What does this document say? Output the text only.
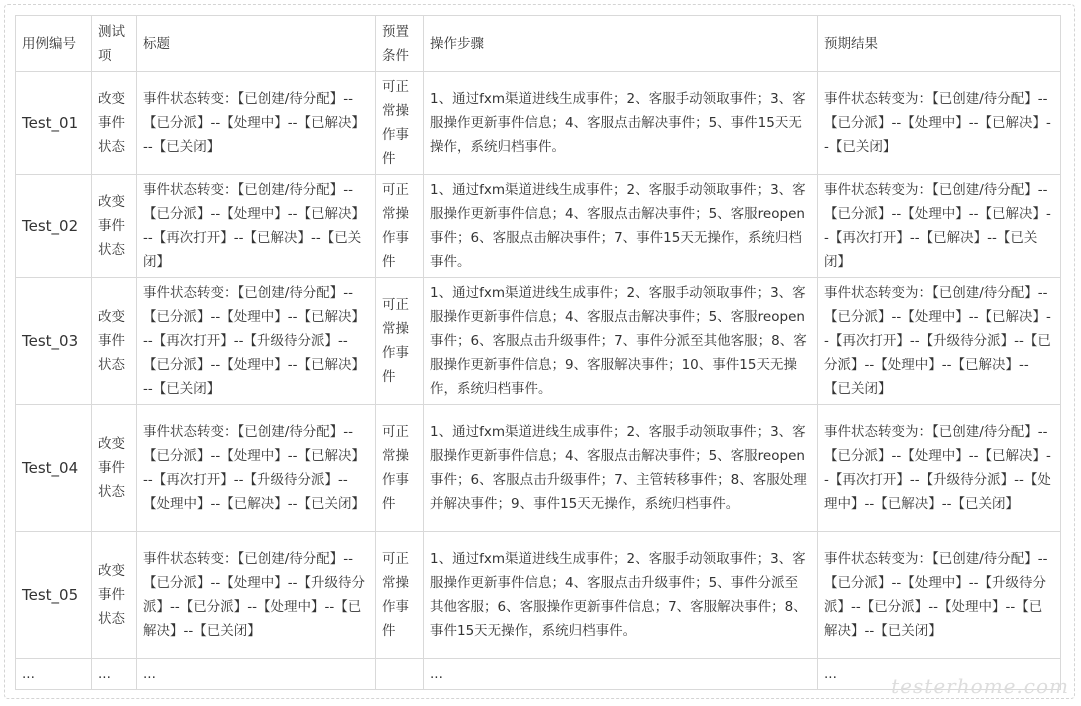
用例编号	测试项	标题	预置条件	操作步骤	预期结果
Test_01	改变事件状态	事件状态转变：【已创建/待分配】--【已分派】--【处理中】--【已解决】--【已关闭】	可正常操作事件	1、通过fxm渠道进线生成事件；2、客服手动领取事件；3、客服操作更新事件信息；4、客服点击解决事件；5、事件15天无操作，系统归档事件。	事件状态转变为：【已创建/待分配】--【已分派】--【处理中】--【已解决】--【已关闭】
Test_02	改变事件状态	事件状态转变：【已创建/待分配】--【已分派】--【处理中】--【已解决】--【再次打开】--【已解决】--【已关闭】	可正常操作事件	1、通过fxm渠道进线生成事件；2、客服手动领取事件；3、客服操作更新事件信息；4、客服点击解决事件；5、客服reopen事件；6、客服点击解决事件；7、事件15天无操作，系统归档事件。	事件状态转变为：【已创建/待分配】--【已分派】--【处理中】--【已解决】--【再次打开】--【已解决】--【已关闭】
Test_03	改变事件状态	事件状态转变：【已创建/待分配】--【已分派】--【处理中】--【已解决】--【再次打开】--【升级待分派】--【已分派】--【处理中】--【已解决】--【已关闭】	可正常操作事件	1、通过fxm渠道进线生成事件；2、客服手动领取事件；3、客服操作更新事件信息；4、客服点击解决事件；5、客服reopen事件；6、客服点击升级事件；7、事件分派至其他客服；8、客服操作更新事件信息；9、客服解决事件；10、事件15天无操作，系统归档事件。	事件状态转变为：【已创建/待分配】--【已分派】--【处理中】--【已解决】--【再次打开】--【升级待分派】--【已分派】--【处理中】--【已解决】--【已关闭】
Test_04	改变事件状态	事件状态转变：【已创建/待分配】--【已分派】--【处理中】--【已解决】--【再次打开】--【升级待分派】--【处理中】--【已解决】--【已关闭】	可正常操作事件	1、通过fxm渠道进线生成事件；2、客服手动领取事件；3、客服操作更新事件信息；4、客服点击解决事件；5、客服reopen事件；6、客服点击升级事件；7、主管转移事件；8、客服处理并解决事件；9、事件15天无操作，系统归档事件。	事件状态转变为：【已创建/待分配】--【已分派】--【处理中】--【已解决】--【再次打开】--【升级待分派】--【处理中】--【已解决】--【已关闭】
Test_05	改变事件状态	事件状态转变：【已创建/待分配】--【已分派】--【处理中】--【升级待分派】--【已分派】--【处理中】--【已解决】--【已关闭】	可正常操作事件	1、通过fxm渠道进线生成事件；2、客服手动领取事件；3、客服操作更新事件信息；4、客服点击升级事件；5、事件分派至其他客服；6、客服操作更新事件信息；7、客服解决事件；8、事件15天无操作，系统归档事件。	事件状态转变为：【已创建/待分配】--【已分派】--【处理中】--【升级待分派】--【已分派】--【处理中】--【已解决】--【已关闭】
...	...	...		...	...	testerhome.com
